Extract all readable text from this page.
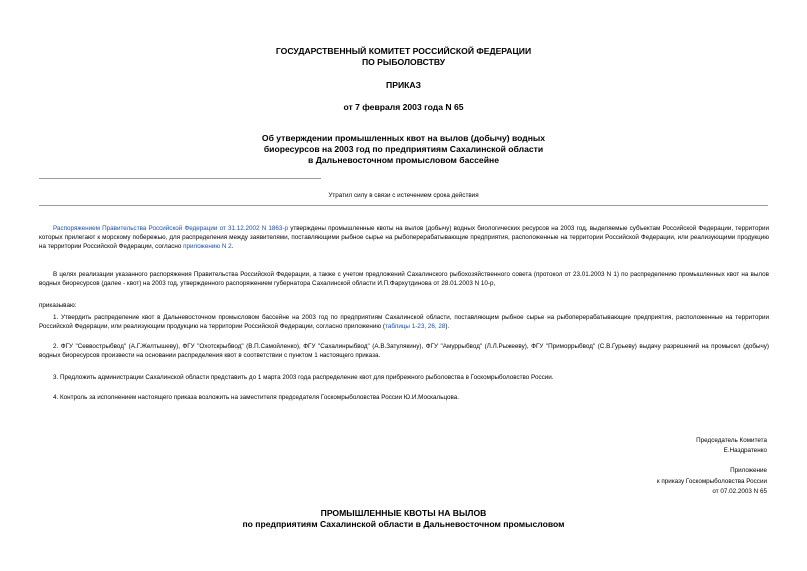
ГОСУДАРСТВЕННЫЙ КОМИТЕТ РОССИЙСКОЙ ФЕДЕРАЦИИ
ПО РЫБОЛОВСТВУ
ПРИКАЗ
от 7 февраля 2003 года N 65
Об утверждении промышленных квот на вылов (добычу) водных
биоресурсов на 2003 год по предприятиям Сахалинской области
в Дальневосточном промысловом бассейне
Утратил силу в связи с истечением срока действия
Распоряжением Правительства Российской Федерации от 31.12.2002 N 1863-р утверждены промышленные квоты на вылов (добычу) водных биологических ресурсов на 2003 год, выделяемые субъектам Российской Федерации, территории которых прилегают к морскому побережью, для распределения между заявителями, поставляющими рыбное сырье на рыбоперерабатывающие предприятия, расположенные на территории Российской Федерации, или реализующими продукцию на территории Российской Федерации, согласно приложению N 2.
В целях реализации указанного распоряжения Правительства Российской Федерации, а также с учетом предложений Сахалинского рыбохозяйственного совета (протокол от 23.01.2003 N 1) по распределению промышленных квот на вылов водных биоресурсов (далее - квот) на 2003 год, утвержденного распоряжением губернатора Сахалинской области И.П.Фархутдинова от 28.01.2003 N 10-р,
приказываю:
1. Утвердить распределение квот в Дальневосточном промысловом бассейне на 2003 год по предприятиям Сахалинской области, поставляющим рыбное сырье на рыбоперерабатывающие предприятия, расположенные на территории Российской Федерации, или реализующим продукцию на территории Российской Федерации, согласно приложению (таблицы 1-23, 26, 28).
2. ФГУ "Севвострыбвод" (А.Г.Желтышеву), ФГУ "Охотскрыбвод" (В.П.Самойленко), ФГУ "Сахалинрыбвод" (А.В.Затулякину), ФГУ "Амуррыбвод" (Л.Л.Рыжееву), ФГУ "Приморрыбвод" (С.В.Гурьеву) выдачу разрешений на промысел (добычу) водных биоресурсов произвести на основании распределения квот в соответствии с пунктом 1 настоящего приказа.
3. Предложить администрации Сахалинской области представить до 1 марта 2003 года распределение квот для прибрежного рыболовства в Госкомрыболовство России.
4. Контроль за исполнением настоящего приказа возложить на заместителя председателя Госкомрыболовства России Ю.И.Москальцова.
Председатель Комитета
Е.Наздратенко
Приложение
к приказу Госкомрыболовства России
от 07.02.2003 N 65
ПРОМЫШЛЕННЫЕ КВОТЫ НА ВЫЛОВ
по предприятиям Сахалинской области в Дальневосточном промысловом
